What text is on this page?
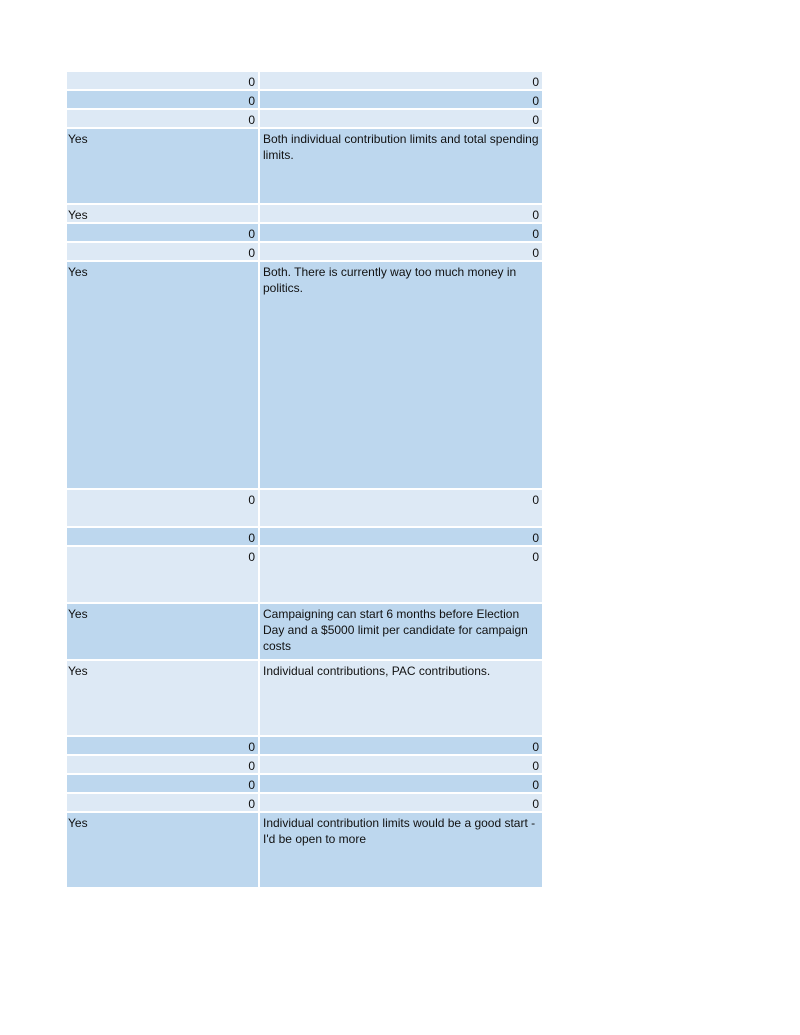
0	0
0	0
0	0
Yes	Both individual contribution limits and total spending limits.
Yes	0
0	0
0	0
Yes	Both. There is currently way too much money in politics.
0	0
0	0
0	0
Yes	Campaigning can start 6 months before Election Day and a $5000 limit per candidate for campaign costs
Yes	Individual contributions, PAC contributions.
0	0
0	0
0	0
0	0
Yes	Individual contribution limits would be a good start - I'd be open to more
